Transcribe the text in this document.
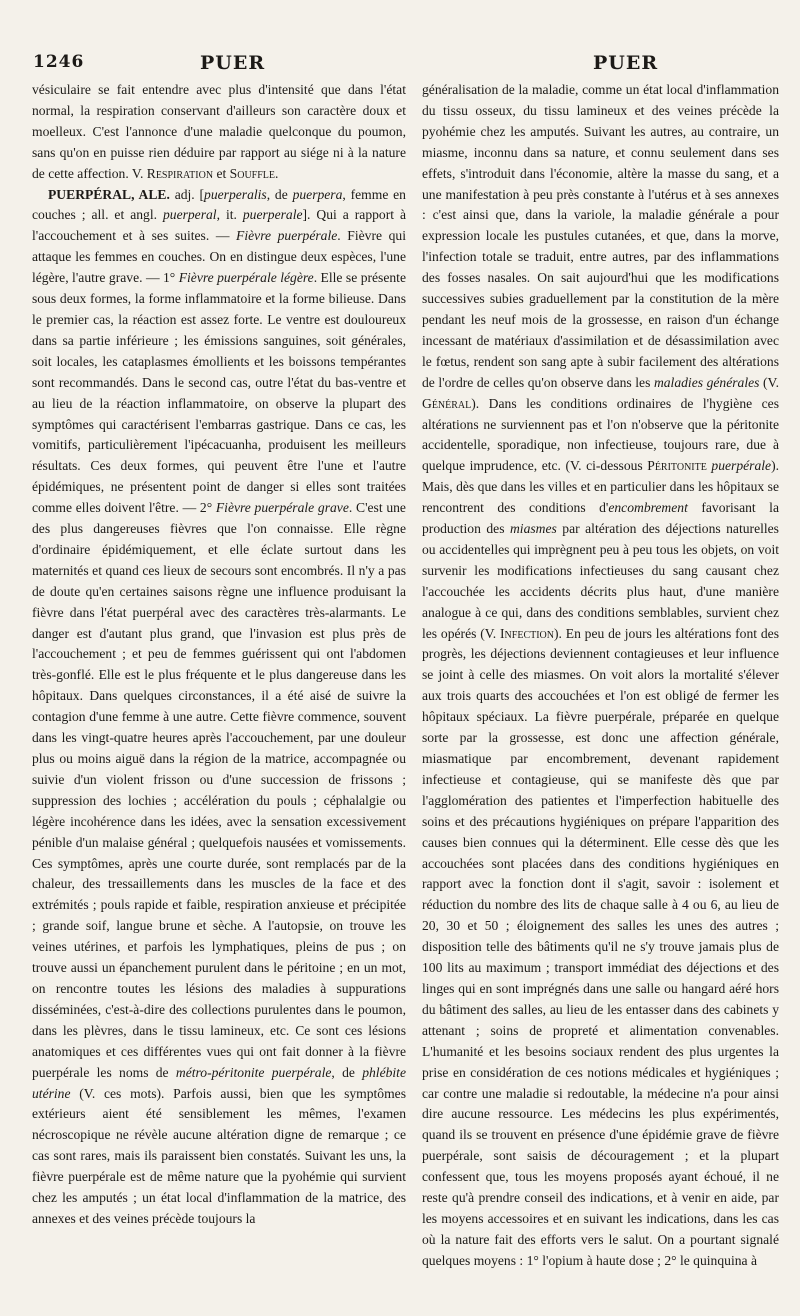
1246	PUER	PUER

vésiculaire se fait entendre avec plus d'intensité que dans l'état normal, la respiration conservant d'ailleurs son caractère doux et moelleux. C'est l'annonce d'une maladie quelconque du poumon, sans qu'on en puisse rien déduire par rapport au siége ni à la nature de cette affection. V. Respiration et Souffle.

PUERPÉRAL, ALE. adj. [puerperalis, de puerpera, femme en couches ; all. et angl. puerperal, it. puerperale]. Qui a rapport à l'accouchement et à ses suites. — Fièvre puerpérale. Fièvre qui attaque les femmes en couches. On en distingue deux espèces, l'une légère, l'autre grave. — 1° Fièvre puerpérale légère. Elle se présente sous deux formes, la forme inflammatoire et la forme bilieuse. Dans le premier cas, la réaction est assez forte. Le ventre est douloureux dans sa partie inférieure ; les émissions sanguines, soit générales, soit locales, les cataplasmes émollients et les boissons tempérantes sont recommandés. Dans le second cas, outre l'état du bas-ventre et au lieu de la réaction inflammatoire, on observe la plupart des symptômes qui caractérisent l'embarras gastrique. Dans ce cas, les vomitifs, particulièrement l'ipécacuanha, produisent les meilleurs résultats. Ces deux formes, qui peuvent être l'une et l'autre épidémiques, ne présentent point de danger si elles sont traitées comme elles doivent l'être. — 2° Fièvre puerpérale grave. C'est une des plus dangereuses fièvres que l'on connaisse. Elle règne d'ordinaire épidémiquement, et elle éclate surtout dans les maternités et quand ces lieux de secours sont encombrés. Il n'y a pas de doute qu'en certaines saisons règne une influence produisant la fièvre dans l'état puerpéral avec des caractères très-alarmants. Le danger est d'autant plus grand, que l'invasion est plus près de l'accouchement ; et peu de femmes guérissent qui ont l'abdomen très-gonflé. Elle est le plus fréquente et le plus dangereuse dans les hôpitaux. Dans quelques circonstances, il a été aisé de suivre la contagion d'une femme à une autre. Cette fièvre commence, souvent dans les vingt-quatre heures après l'accouchement, par une douleur plus ou moins aiguë dans la région de la matrice, accompagnée ou suivie d'un violent frisson ou d'une succession de frissons ; suppression des lochies ; accélération du pouls ; céphalalgie ou légère incohérence dans les idées, avec la sensation excessivement pénible d'un malaise général ; quelquefois nausées et vomissements. Ces symptômes, après une courte durée, sont remplacés par de la chaleur, des tressaillements dans les muscles de la face et des extrémités ; pouls rapide et faible, respiration anxieuse et précipitée ; grande soif, langue brune et sèche. A l'autopsie, on trouve les veines utérines, et parfois les lymphatiques, pleins de pus ; on trouve aussi un épanchement purulent dans le péritoine ; en un mot, on rencontre toutes les lésions des maladies à suppurations disséminées, c'est-à-dire des collections purulentes dans le poumon, dans les plèvres, dans le tissu lamineux, etc. Ce sont ces lésions anatomiques et ces différentes vues qui ont fait donner à la fièvre puerpérale les noms de métro-péritonite puerpérale, de phlébite utérine (V. ces mots). Parfois aussi, bien que les symptômes extérieurs aient été sensiblement les mêmes, l'examen nécroscopique ne révèle aucune altération digne de remarque ; ce cas sont rares, mais ils paraissent bien constatés. Suivant les uns, la fièvre puerpérale est de même nature que la pyohémie qui survient chez les amputés ; un état local d'inflammation de la matrice, des annexes et des veines précède toujours la

généralisation de la maladie, comme un état local d'inflammation du tissu osseux, du tissu lamineux et des veines précède la pyohémie chez les amputés. Suivant les autres, au contraire, un miasme, inconnu dans sa nature, et connu seulement dans ses effets, s'introduit dans l'économie, altère la masse du sang, et a une manifestation à peu près constante à l'utérus et à ses annexes : c'est ainsi que, dans la variole, la maladie générale a pour expression locale les pustules cutanées, et que, dans la morve, l'infection totale se traduit, entre autres, par des inflammations des fosses nasales. On sait aujourd'hui que les modifications successives subies graduellement par la constitution de la mère pendant les neuf mois de la grossesse, en raison d'un échange incessant de matériaux d'assimilation et de désassimilation avec le fœtus, rendent son sang apte à subir facilement des altérations de l'ordre de celles qu'on observe dans les maladies générales (V. Général). Dans les conditions ordinaires de l'hygiène ces altérations ne surviennent pas et l'on n'observe que la péritonite accidentelle, sporadique, non infectieuse, toujours rare, due à quelque imprudence, etc. (V. ci-dessous Péritonite puerpérale). Mais, dès que dans les villes et en particulier dans les hôpitaux se rencontrent des conditions d'encombrement favorisant la production des miasmes par altération des déjections naturelles ou accidentelles qui imprègnent peu à peu tous les objets, on voit survenir les modifications infectieuses du sang causant chez l'accouchée les accidents décrits plus haut, d'une manière analogue à ce qui, dans des conditions semblables, survient chez les opérés (V. Infection). En peu de jours les altérations font des progrès, les déjections deviennent contagieuses et leur influence se joint à celle des miasmes. On voit alors la mortalité s'élever aux trois quarts des accouchées et l'on est obligé de fermer les hôpitaux spéciaux. La fièvre puerpérale, préparée en quelque sorte par la grossesse, est donc une affection générale, miasmatique par encombrement, devenant rapidement infectieuse et contagieuse, qui se manifeste dès que par l'agglomération des patientes et l'imperfection habituelle des soins et des précautions hygiéniques on prépare l'apparition des causes bien connues qui la déterminent. Elle cesse dès que les accouchées sont placées dans des conditions hygiéniques en rapport avec la fonction dont il s'agit, savoir : isolement et réduction du nombre des lits de chaque salle à 4 ou 6, au lieu de 20, 30 et 50 ; éloignement des salles les unes des autres ; disposition telle des bâtiments qu'il ne s'y trouve jamais plus de 100 lits au maximum ; transport immédiat des déjections et des linges qui en sont imprégnés dans une salle ou hangard aéré hors du bâtiment des salles, au lieu de les entasser dans des cabinets y attenant ; soins de propreté et alimentation convenables. L'humanité et les besoins sociaux rendent des plus urgentes la prise en considération de ces notions médicales et hygiéniques ; car contre une maladie si redoutable, la médecine n'a pour ainsi dire aucune ressource. Les médecins les plus expérimentés, quand ils se trouvent en présence d'une épidémie grave de fièvre puerpérale, sont saisis de découragement ; et la plupart confessent que, tous les moyens proposés ayant échoué, il ne reste qu'à prendre conseil des indications, et à venir en aide, par les moyens accessoires et en suivant les indications, dans les cas où la nature fait des efforts vers le salut. On a pourtant signalé quelques moyens : 1° l'opium à haute dose ; 2° le quinquina à
